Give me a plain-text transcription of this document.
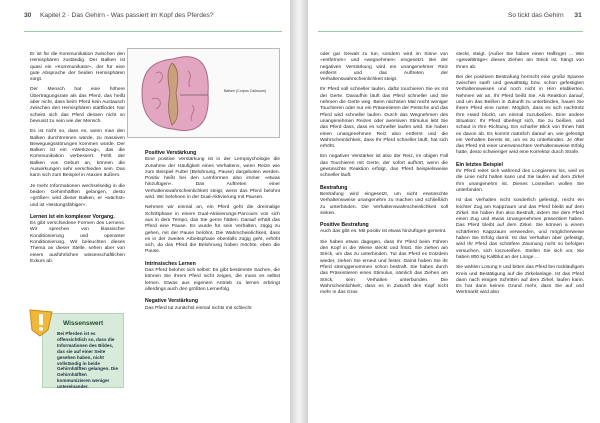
30 Kapitel 2 · Das Gehirn - Was passiert im Kopf des Pferdes?

Er ist für die Kommunikation zwischen den Hemisphären zuständig. Der Balken ist quasi ein »Kommunikator«, der für eine gute Absprache der beiden Hemisphären sorgt.

Der Mensch hat eine höhere Übertragungsrate als das Pferd, das heißt aber nicht, dass beim Pferd kein Austausch zwischen den Hemisphären stattfindet. Nur scheint sich das Pferd dessen nicht so bewusst zu sein wie der Mensch.

Es ist nicht so, dass es, wenn man den Balken durchtrennen würde, zu massiven Bewegungsstörungen kommen würde. Der Balken ist ein »Werkzeug«, das die Kommunikation verbessert. Fehlt der Balken von Geburt an, können die Auswirkungen sehr verschieden sein. Das kann sich zum Beispiel in Ataxien äußern.

Je mehr Informationen wechselseitig in die beiden Gehirnhälften gelangen, desto »größer« wird dieser Balken, er »wächst« und ist »leistungsfähiger«.

Lernen ist ein komplexer Vorgang.

Es gibt verschiedene Formen des Lernens. Wir sprechen von klassischer Konditionierung und operanter Konditionierung. Wir beleuchten dieses Thema an dieser Stelle, sehen aber von einem ausführlichen wissenschaftlichen Exkurs ab.

Balken (Corpus Callosum)
Positive Verstärkung

Eine positive Verstärkung ist in der Lernpsychologie die Zunahme der Häufigkeit eines Verhaltens, wenn Reize wie zum Beispiel Futter (Belohnung, Pause) dargeboten werden. Positiv heißt bei den Lernformen also immer »etwas hinzufügen«. Das Auftreten einer Verhaltenswahrscheinlichkeit steigt, wenn das Pferd belohnt wird. Wir belohnen in der Dual-Aktivierung mit Pausen.

Nehmen wir einmal an, ein Pferd geht die dreimalige Schrittphase in einem Dual-Aktivierungs-Parcours von sich aus in dem Tempo, das Sie gerne hätten. Darauf erhält das Pferd eine Pause. Es wurde für sein Verhalten, zügig zu gehen, mit der Pause belohnt. Die Wahrscheinlichkeit, dass es in der zweiten Arbeitsphase ebenfalls zügig geht, erhöht sich, da das Pferd die Belohnung haben möchte, eben die Pause.

Intrinsisches Lernen

Das Pferd belohnt sich selbst: Es gibt bestimmte Sachen, die können Sie Ihrem Pferd nicht zeigen, die muss es selbst lernen. Etwas aus eigenem Antrieb zu lernen erbringt allerdings auch den größten Lernerfolg.

Negative Verstärkung

Das Pferd tut zunächst einmal nichts mit schlecht

Wissenswert
Bei Pferden ist es offensichtlich so, dass die Informationen des Bildes, das sie auf einer Seite gesehen haben, nicht vollständig in beide Gehirnhälften gelangen. Die Gehirnhälften kommunizieren weniger untereinander.
So tickt das Gehirn 31

oder gar Gewalt zu tun, sondern wird im Sinne von »entfernen« und »wegnehmen« eingesetzt. Bei der negativen Verstärkung wird ein unangenehmer Reiz entfernt und das Auftreten der Verhaltenswahrscheinlichkeit steigt.

Ihr Pferd soll schneller laufen, dafür touchieren Sie es mit der Gerte. Daraufhin läuft das Pferd schneller und Sie nehmen die Gerte weg. Beim nächsten Mal reicht weniger Touchieren oder nur ein Präsentieren der Peitsche und das Pferd wird schneller laufen. Durch das Wegnehmen des unangenehmen Reizes oder aversiven Stimulus lebt Sie das Pferd dass, dass es schneller laufen wird. Sie haben einen unangenehmen Reiz also entfernt und die Wahrscheinlichkeit, dass Ihr Pferd schneller läuft, hat sich erhöht.

Ein negativer Verstärker ist also der Reiz, im obigen Fall das Touchieren mit Gerte, der sofort aufhört, wenn die gewünschte Reaktion erfolgt, das Pferd beispielsweise schneller läuft.

Bestrafung

Bestrafung wird eingesetzt, um nicht erwünschte Verhaltensweise unangenehm zu machen und schließlich zu unterbinden. Die Verhaltenswahrscheinlichkeit soll sinken.

Positive Bestrafung

Auch das gibt es. Mit positiv ist etwas hinzufügen gemeint.

Sie haben etwas dagegen, dass Ihr Pferd beim Führen den Kopf in die Wiese steckt und frisst. Sie ziehen am Strick, um das zu unterbinden. Tut das Pferd es trotzdem wieder, ziehen Sie erneut und fester. Damit haben Sie ihr Pferd strenggenommen schon bestraft. Sie haben durch das Präsentieren eines Stimulus, nämlich das Ziehen am Strick, sein Verhalten unterbunden. Die Wahrscheinlichkeit, dass es in Zukunft den Kopf nicht mehr in das Gras

steckt, steigt. (Außer Sie haben einen Haflinger ... Wie »gewaltiträge« dieses Ziehen am Strick ist, hängt von Ihnen ab.

Bei der positiven Bestrafung herrscht eine große Spanne zwischen sanft und gewalttätig bzw. schon gefestigten Verhaltensweisen und noch nicht in Hirn etablierten. Nehmen wir an, Ihr Pferd beißt Sie. Als Reaktion darauf, und um das Beißen in Zukunft zu unterbinden, hauen Sie ihrem Pferd eine runter. Möglich, dass es sich nachtrotz Ihre Hand blockt, um einmal zuzubeißen. Eine andere Situation: Ihr Pferd überlegt sich, Sie zu beißen, und schaut in Ihre Richtung. Ein scharfer Blick von Ihnen hält es davon ab. Es kommt natürlich darauf an, wie gefestigt ein Verhalten bereits ist, um es zu unterbinden. Je öfter das Pferd mit einer unerwünschten Verhaltensweise Erfolg hatte, desto schwieriger wird eine Korrektur durch Strafe.

Ein letztes Beispiel

Ihr Pferd reitet sich während des Longierens los, weil es die Linie nicht halten kann und Sie laufen auf dem Zirkel Ihm unangenehm ist. Dieses Losreißen wollen Sie unterbinden.

Ist das Verhalten nicht sonderlich gefestigt, reicht ein leichter Zug am Kappzaum und das Pferd bleibt auf dem Zirkel. Sie haben ihm also Bestraft, indem Sie dem Pferd einen Zug und etwas Unangenehmes präsentiert haben. Das Pferd bleibt auf dem Zirkel. Sie können a einem schärferen Kappzaum verwenden, und möglicherweise haben Sie Erfolg damit. Ist das Verhalten aber gefestigt, wird Ihr Pferd das schärfere Zäumung nicht so befolgen versuchen, sich loszureißen. Stellen Sie sich vor, Sie haben 800 kg Kaltblut an der Longe ...

Sie wählen Losung II und bitten das Pferd bei rückläufigem Kreis und Bestätigung auf die Zirkelanlage. Ist das Pferd dann nach einigen Schritten auf dem Zirkel, laufen kann. Es hat dann keinen Grund mehr, dass Sie auf und Wertmarkt wird also
